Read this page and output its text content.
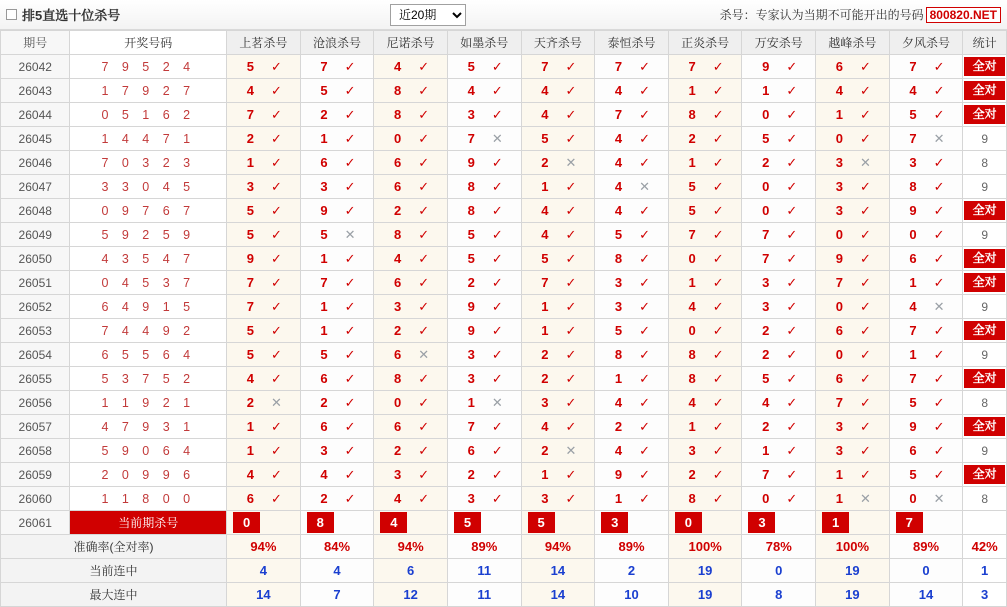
排5直选十位杀号
近20期	杀号：专家认为当期不可能开出的号码 800820.NET
期号	开奖号码	上茗杀号	沧浪杀号	尼诺杀号	如墨杀号	天齐杀号	泰恒杀号	正炎杀号	万安杀号	越峰杀号	夕风杀号	统计
26042	7 9 5 2 4	5 ✓	7 ✓	4 ✓	5 ✓	7 ✓	7 ✓	7 ✓	9 ✓	6 ✓	7 ✓	全对

26043	1 7 9 2 7	4 ✓	5 ✓	8 ✓	4 ✓	4 ✓	4 ✓	1 ✓	1 ✓	4 ✓	4 ✓	全对

26044	0 5 1 6 2	7 ✓	2 ✓	8 ✓	3 ✓	4 ✓	7 ✓	8 ✓	0 ✓	1 ✓	5 ✓	全对

26045	1 4 4 7 1	2 ✓	1 ✓	0 ✓	7 ✕	5 ✓	4 ✓	2 ✓	5 ✓	0 ✓	7 ✕	9
26046	7 0 3 2 3	1 ✓	6 ✓	6 ✓	9 ✓	2 ✕	4 ✓	1 ✓	2 ✓	3 ✕	3 ✓	8
26047	3 3 0 4 5	3 ✓	3 ✓	6 ✓	8 ✓	1 ✓	4 ✕	5 ✓	0 ✓	3 ✓	8 ✓	9
26048	0 9 7 6 7	5 ✓	9 ✓	2 ✓	8 ✓	4 ✓	4 ✓	5 ✓	0 ✓	3 ✓	9 ✓	全对

26049	5 9 2 5 9	5 ✓	5 ✕	8 ✓	5 ✓	4 ✓	5 ✓	7 ✓	7 ✓	0 ✓	0 ✓	9
26050	4 3 5 4 7	9 ✓	1 ✓	4 ✓	5 ✓	5 ✓	8 ✓	0 ✓	7 ✓	9 ✓	6 ✓	全对

26051	0 4 5 3 7	7 ✓	7 ✓	6 ✓	2 ✓	7 ✓	3 ✓	1 ✓	3 ✓	7 ✓	1 ✓	全对

26052	6 4 9 1 5	7 ✓	1 ✓	3 ✓	9 ✓	1 ✓	3 ✓	4 ✓	3 ✓	0 ✓	4 ✕	9
26053	7 4 4 9 2	5 ✓	1 ✓	2 ✓	9 ✓	1 ✓	5 ✓	0 ✓	2 ✓	6 ✓	7 ✓	全对

26054	6 5 5 6 4	5 ✓	5 ✓	6 ✕	3 ✓	2 ✓	8 ✓	8 ✓	2 ✓	0 ✓	1 ✓	9
26055	5 3 7 5 2	4 ✓	6 ✓	8 ✓	3 ✓	2 ✓	1 ✓	8 ✓	5 ✓	6 ✓	7 ✓	全对

26056	1 1 9 2 1	2 ✕	2 ✓	0 ✓	1 ✕	3 ✓	4 ✓	4 ✓	4 ✓	7 ✓	5 ✓	8
26057	4 7 9 3 1	1 ✓	6 ✓	6 ✓	7 ✓	4 ✓	2 ✓	1 ✓	2 ✓	3 ✓	9 ✓	全对

26058	5 9 0 6 4	1 ✓	3 ✓	2 ✓	6 ✓	2 ✕	4 ✓	3 ✓	1 ✓	3 ✓	6 ✓	9
26059	2 0 9 9 6	4 ✓	4 ✓	3 ✓	2 ✓	1 ✓	9 ✓	2 ✓	7 ✓	1 ✓	5 ✓	全对

26060	1 1 8 0 0	6 ✓	2 ✓	4 ✓	3 ✓	3 ✓	1 ✓	8 ✓	0 ✓	1 ✕	0 ✕	8
26061	当前期杀号	0	8	4	5	5	3	0	3	1	7	

准确率(全对率)		94%	84%	94%	89%	94%	89%	100%	78%	100%	89%	42%
当前连中		4	4	6	11	14	2	19	0	19	0	1
最大连中		14	7	12	11	14	10	19	8	19	14	3
